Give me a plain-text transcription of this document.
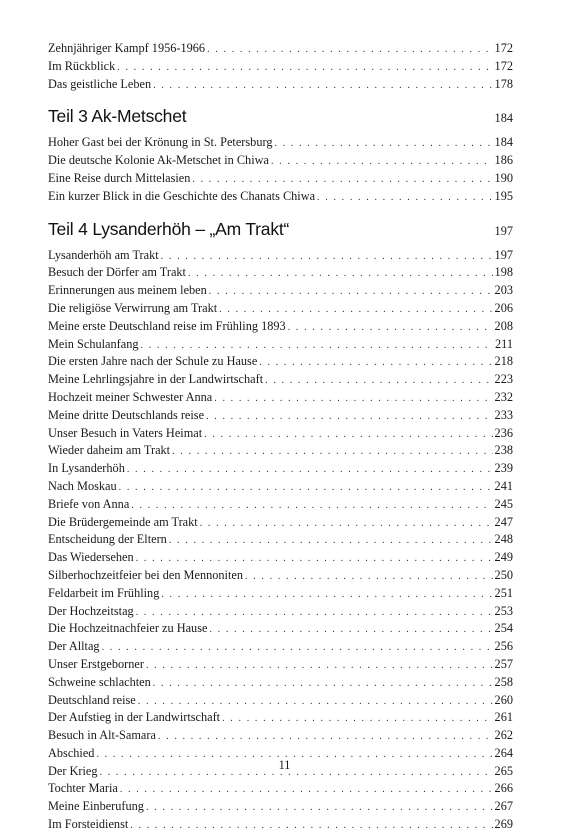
Zehnjähriger Kampf 1956-1966 . . .	172
Im Rückblick . . .	172
Das geistliche Leben . . .	178
Teil 3 Ak-Metschet	184
Hoher Gast bei der Krönung in St. Petersburg . . .	184
Die deutsche Kolonie Ak-Metschet in Chiwa . . .	186
Eine Reise durch Mittelasien . . .	190
Ein kurzer Blick in die Geschichte des Chanats Chiwa . . .	195
Teil 4 Lysanderhöh – „Am Trakt“	197
Lysanderhöh am Trakt . . .	197
Besuch der Dörfer am Trakt . . .	198
Erinnerungen aus meinem leben . . .	203
Die religiöse Verwirrung am Trakt . . .	206
Meine erste Deutschland reise im Frühling 1893 . . .	208
Mein Schulanfang . . .	211
Die ersten Jahre nach der Schule zu Hause . . .	218
Meine Lehrlingsjahre in der Landwirtschaft . . .	223
Hochzeit meiner Schwester Anna . . .	232
Meine dritte Deutschlands reise . . .	233
Unser Besuch in Vaters Heimat . . .	236
Wieder daheim am Trakt . . .	238
In Lysanderhöh . . .	239
Nach Moskau . . .	241
Briefe von Anna . . .	245
Die Brüdergemeinde am Trakt . . .	247
Entscheidung der Eltern . . .	248
Das Wiedersehen . . .	249
Silberhochzeitfeier bei den Mennoniten . . .	250
Feldarbeit im Frühling . . .	251
Der Hochzeitstag . . .	253
Die Hochzeitnachfeier zu Hause . . .	254
Der Alltag . . .	256
Unser Erstgeborner . . .	257
Schweine schlachten . . .	258
Deutschland reise . . .	260
Der Aufstieg in der Landwirtschaft . . .	261
Besuch in Alt-Samara . . .	262
Abschied . . .	264
Der Krieg . . .	265
Tochter Maria . . .	266
Meine Einberufung . . .	267
Im Forsteidienst . . .	269
11
